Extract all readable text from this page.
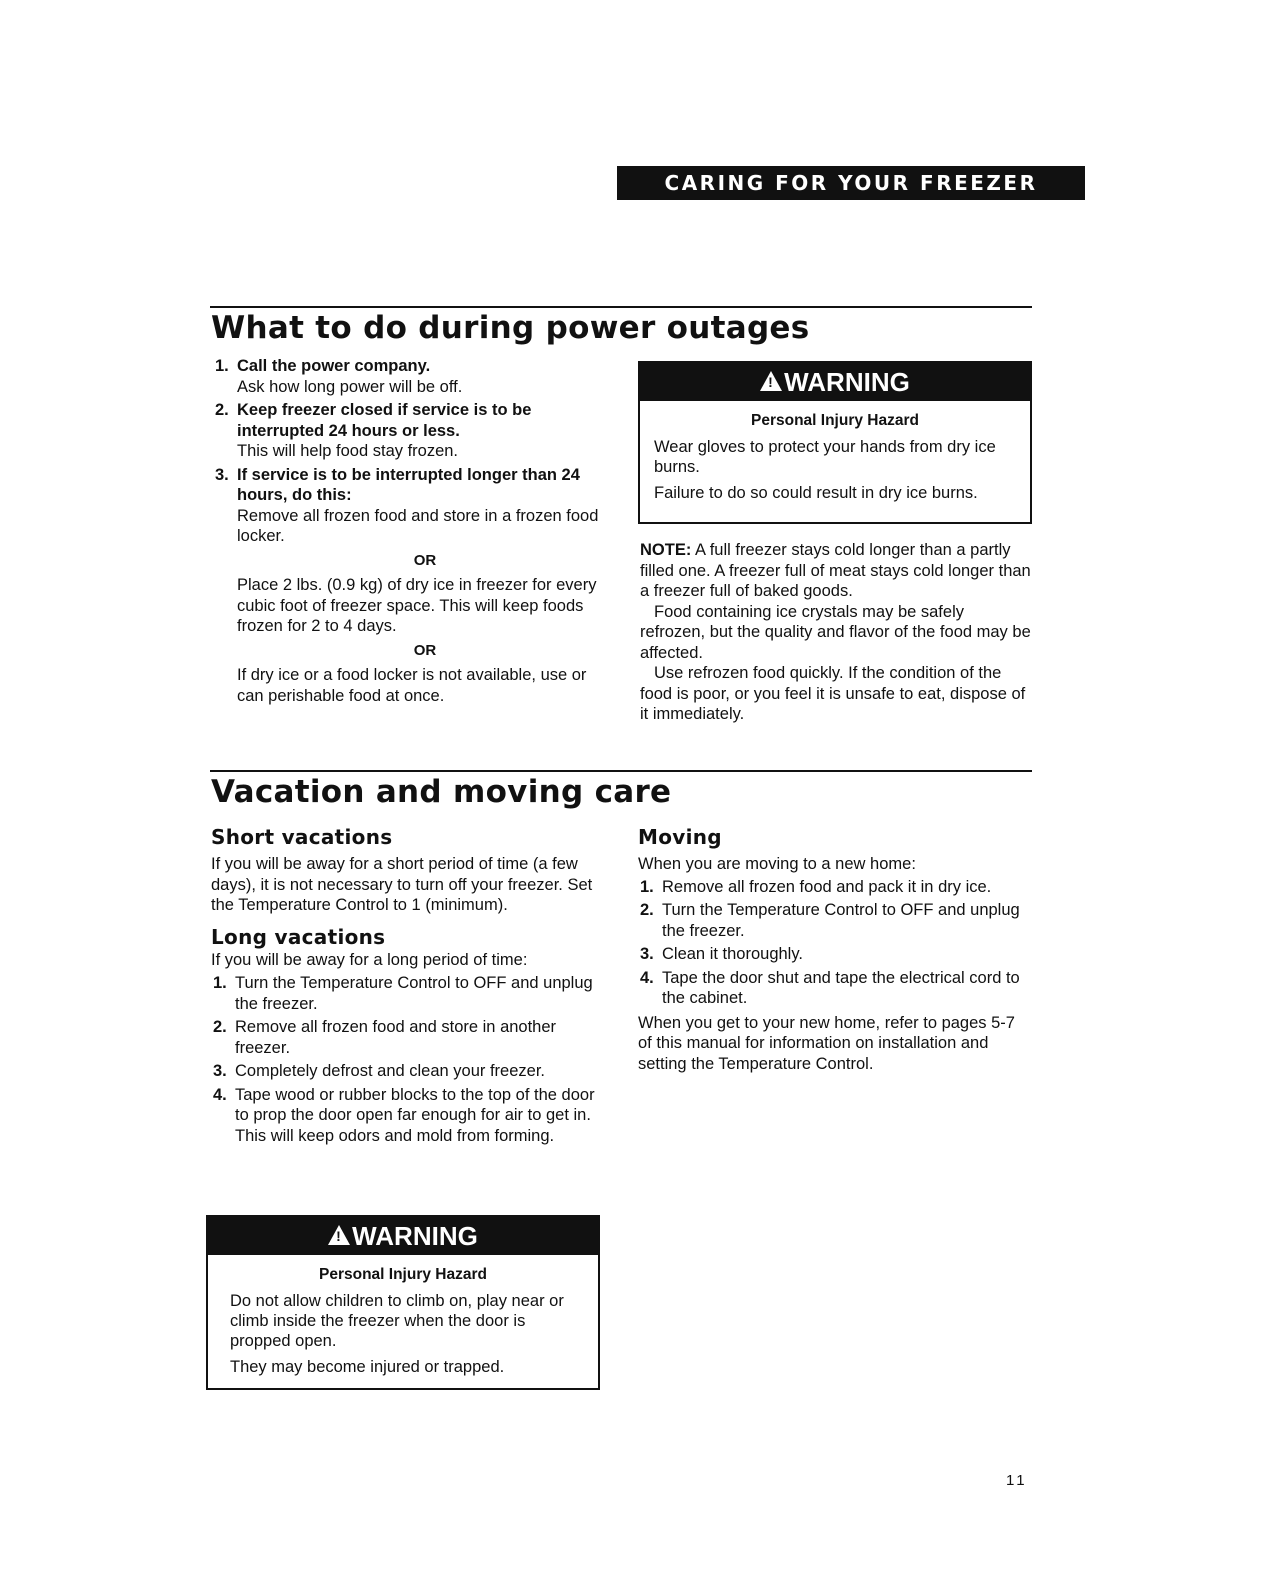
CARING FOR YOUR FREEZER
What to do during power outages
1. Call the power company.
Ask how long power will be off.
2. Keep freezer closed if service is to be interrupted 24 hours or less.
This will help food stay frozen.
3. If service is to be interrupted longer than 24 hours, do this:
Remove all frozen food and store in a frozen food locker.
OR
Place 2 lbs. (0.9 kg) of dry ice in freezer for every cubic foot of freezer space. This will keep foods frozen for 2 to 4 days.
OR
If dry ice or a food locker is not available, use or can perishable food at once.
! WARNING
Personal Injury Hazard

Wear gloves to protect your hands from dry ice burns.

Failure to do so could result in dry ice burns.

NOTE: A full freezer stays cold longer than a partly filled one. A freezer full of meat stays cold longer than a freezer full of baked goods.

Food containing ice crystals may be safely refrozen, but the quality and flavor of the food may be affected.

Use refrozen food quickly. If the condition of the food is poor, or you feel it is unsafe to eat, dispose of it immediately.

Vacation and moving care
Short vacations

If you will be away for a short period of time (a few days), it is not necessary to turn off your freezer. Set the Temperature Control to 1 (minimum).

Long vacations

If you will be away for a long period of time:

1. Turn the Temperature Control to OFF and unplug the freezer.
2. Remove all frozen food and store in another freezer.
3. Completely defrost and clean your freezer.
4. Tape wood or rubber blocks to the top of the door to prop the door open far enough for air to get in. This will keep odors and mold from forming.
! WARNING
Personal Injury Hazard

Do not allow children to climb on, play near or climb inside the freezer when the door is propped open.

They may become injured or trapped.

Moving

When you are moving to a new home:

1. Remove all frozen food and pack it in dry ice.
2. Turn the Temperature Control to OFF and unplug the freezer.
3. Clean it thoroughly.
4. Tape the door shut and tape the electrical cord to the cabinet.

When you get to your new home, refer to pages 5-7 of this manual for information on installation and setting the Temperature Control.

11
